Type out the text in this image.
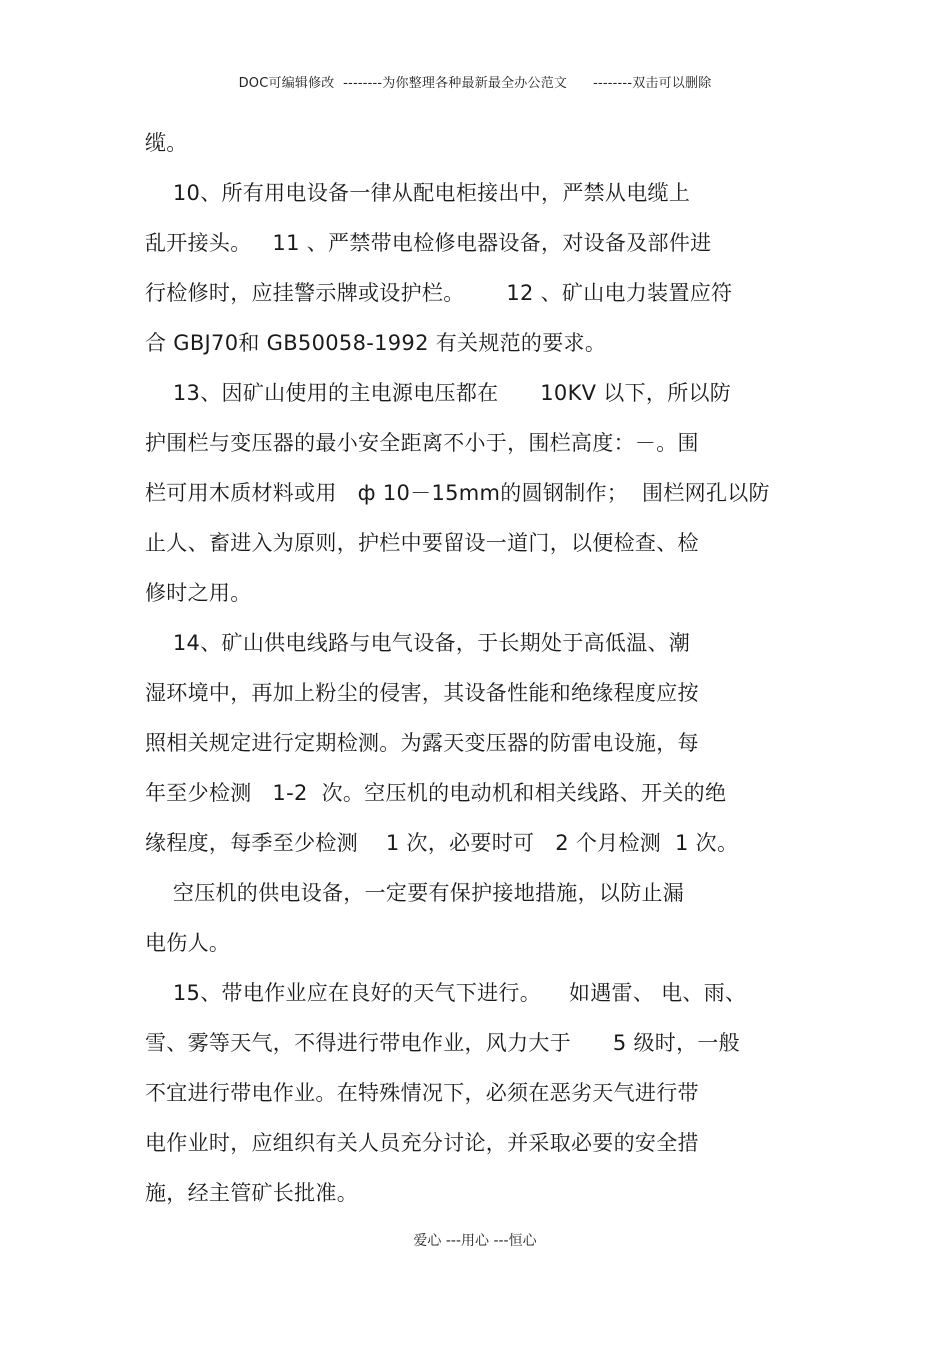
DOC可编辑修改  --------为你整理各种最新最全办公范文      --------双击可以删除
缆。
10、所有用电设备一律从配电柜接出中，严禁从电缆上
乱开接头。   11 、严禁带电检修电器设备，对设备及部件进
行检修时，应挂警示牌或设护栏。      12 、矿山电力装置应符
合 GBJ70和 GB50058-1992 有关规范的要求。
13、因矿山使用的主电源电压都在      10KV 以下，所以防
护围栏与变压器的最小安全距离不小于，围栏高度：－。围
栏可用木质材料或用   ф 10－15mm的圆钢制作；  围栏网孔以防
止人、畜进入为原则，护栏中要留设一道门，以便检查、检
修时之用。
14、矿山供电线路与电气设备，于长期处于高低温、潮
湿环境中，再加上粉尘的侵害，其设备性能和绝缘程度应按
照相关规定进行定期检测。为露天变压器的防雷电设施，每
年至少检测   1-2  次。空压机的电动机和相关线路、开关的绝
缘程度，每季至少检测    1 次，必要时可   2 个月检测  1 次。
空压机的供电设备，一定要有保护接地措施，以防止漏
电伤人。
15、带电作业应在良好的天气下进行。    如遇雷、 电、雨、
雪、雾等天气，不得进行带电作业，风力大于      5 级时，一般
不宜进行带电作业。在特殊情况下，必须在恶劣天气进行带
电作业时，应组织有关人员充分讨论，并采取必要的安全措
施，经主管矿长批准。
爱心 ---用心 ---恒心
